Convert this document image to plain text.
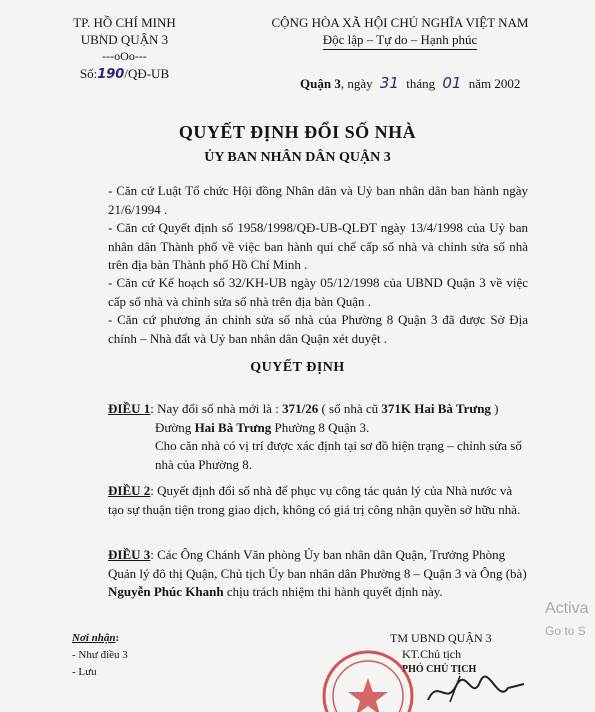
TP. HỒ CHÍ MINH
UBND QUẬN 3
---oOo---
Số:190/QĐ-UB
CỘNG HÒA XÃ HỘI CHỦ NGHĨA VIỆT NAM
Độc lập – Tự do – Hạnh phúc
Quận 3, ngày 31 tháng 01 năm 2002
QUYẾT ĐỊNH ĐỔI SỐ NHÀ
ỦY BAN NHÂN DÂN QUẬN 3
- Căn cứ Luật Tổ chức Hội đồng Nhân dân và Uỷ ban nhân dân ban hành ngày 21/6/1994 .
- Căn cứ Quyết định số 1958/1998/QĐ-UB-QLĐT ngày 13/4/1998 của Uỷ ban nhân dân Thành phố về việc ban hành qui chế cấp số nhà và chỉnh sửa số nhà trên địa bàn Thành phố Hồ Chí Minh .
- Căn cứ Kế hoạch số 32/KH-UB ngày 05/12/1998 của UBND Quận 3 về việc cấp số nhà và chỉnh sửa số nhà trên địa bàn Quận .
- Căn cứ phương án chỉnh sửa số nhà của Phường 8 Quận 3 đã được Sở Địa chính – Nhà đất và Uỷ ban nhân dân Quận xét duyệt .
QUYẾT ĐỊNH
ĐIỀU 1: Nay đổi số nhà mới là : 371/26 ( số nhà cũ 371K Hai Bà Trưng )
Đường Hai Bà Trưng Phường 8 Quận 3.
Cho căn nhà có vị trí được xác định tại sơ đồ hiện trạng – chỉnh sửa số nhà của Phường 8.
ĐIỀU 2: Quyết định đổi số nhà để phục vụ công tác quản lý của Nhà nước và tạo sự thuận tiện trong giao dịch, không có giá trị công nhận quyền sở hữu nhà.
ĐIỀU 3: Các Ông Chánh Văn phòng Ủy ban nhân dân Quận, Trưởng Phòng Quản lý đô thị Quận, Chủ tịch Ủy ban nhân dân Phường 8 – Quận 3 và Ông (bà) Nguyễn Phúc Khanh chịu trách nhiệm thi hành quyết định này.
Nơi nhận:
- Như điều 3
- Lưu
TM UBND QUẬN 3
KT.Chủ tịch
PHÓ CHỦ TỊCH
Activa
Go to S
